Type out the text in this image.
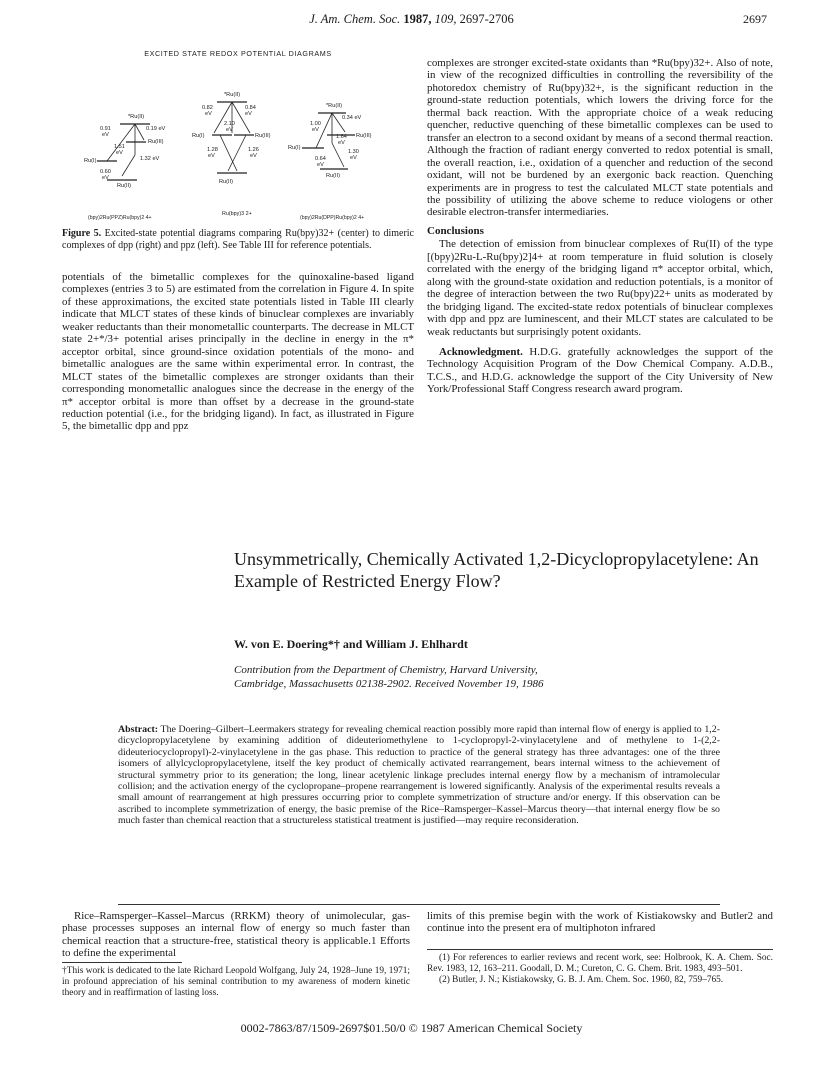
J. Am. Chem. Soc. 1987, 109, 2697-2706	2697
EXCITED STATE REDOX POTENTIAL DIAGRAMS
*Ru(II)
0.19 eV
0.91
eV
Ru(III)
1.51
eV
1.32 eV
Ru(I)
0.60
eV
Ru(II)
(bpy)2Ru(PPZ)Ru(bpy)2 4+
*Ru(II)
0.82
eV
0.84
eV
2.10
eV
Ru(I)	Ru(III)
1.28
eV
1.26
eV
Ru(II)
Ru(bpy)3 2+
*Ru(II)
0.34 eV
1.00
eV
Ru(III)
1.64
eV
Ru(I)
1.30
eV
0.64
eV
Ru(II)
(bpy)2Ru(DPP)Ru(bpy)2 4+
Figure 5. Excited-state potential diagrams comparing Ru(bpy)32+ (center) to dimeric complexes of dpp (right) and ppz (left). See Table III for reference potentials.

potentials of the bimetallic complexes for the quinoxaline-based ligand complexes (entries 3 to 5) are estimated from the correlation in Figure 4. In spite of these approximations, the excited state potentials listed in Table III clearly indicate that MLCT states of these kinds of binuclear complexes are invariably weaker reductants than their monometallic counterparts. The decrease in MLCT state 2+*/3+ potential arises principally in the decline in energy in the π* acceptor orbital, since ground-since oxidation potentials of the mono- and bimetallic analogues are the same within experimental error. In contrast, the MLCT states of the bimetallic complexes are stronger oxidants than their corresponding monometallic analogues since the decrease in the energy of the π* acceptor orbital is more than offset by a decrease in the ground-state reduction potential (i.e., for the bridging ligand). In fact, as illustrated in Figure 5, the bimetallic dpp and ppz

complexes are stronger excited-state oxidants than *Ru(bpy)32+. Also of note, in view of the recognized difficulties in controlling the reversibility of the photoredox chemistry of Ru(bpy)32+, is the significant reduction in the ground-state reduction potentials, which lowers the driving force for the thermal back reaction. With the appropriate choice of a weak reducing quencher, reductive quenching of these bimetallic complexes can be used to transfer an electron to a second oxidant by means of a second thermal reaction. Although the fraction of radiant energy converted to redox potential is small, the overall reaction, i.e., oxidation of a quencher and reduction of the second oxidant, will not be burdened by an exergonic back reaction. Quenching experiments are in progress to test the calculated MLCT state potentials and the possibility of utilizing the above scheme to reduce viologens or other desirable electron-transfer intermediaries.

Conclusions

The detection of emission from binuclear complexes of Ru(II) of the type [(bpy)2Ru-L-Ru(bpy)2]4+ at room temperature in fluid solution is closely correlated with the energy of the bridging ligand π* acceptor orbital, which, along with the ground-state oxidation and reduction potentials, is a monitor of the degree of interaction between the two Ru(bpy)22+ units as moderated by the bridging ligand. The excited-state redox potentials of binuclear complexes with dpp and ppz are luminescent, and their MLCT states are calculated to be weak reductants but surprisingly potent oxidants.

Acknowledgment. H.D.G. gratefully acknowledges the support of the Technology Acquisition Program of the Dow Chemical Company. A.D.B., T.C.S., and H.D.G. acknowledge the support of the City University of New York/Professional Staff Congress research award program.

Unsymmetrically, Chemically Activated 1,2-Dicyclopropylacetylene: An Example of Restricted Energy Flow?
W. von E. Doering*† and William J. Ehlhardt
Contribution from the Department of Chemistry, Harvard University,
Cambridge, Massachusetts 02138-2902. Received November 19, 1986
Abstract: The Doering–Gilbert–Leermakers strategy for revealing chemical reaction possibly more rapid than internal flow of energy is applied to 1,2-dicyclopropylacetylene by examining addition of dideuteriomethylene to 1-cyclopropyl-2-vinylacetylene and of methylene to 1-(2,2-dideuteriocyclopropyl)-2-vinylacetylene in the gas phase. This reduction to practice of the general strategy has three advantages: one of the three isomers of allylcyclopropylacetylene, itself the key product of chemically activated rearrangement, bears internal witness to the achievement of structural symmetry prior to its generation; the long, linear acetylenic linkage precludes internal energy flow by a mechanism of intramolecular collision; and the activation energy of the cyclopropane–propene rearrangement is lowered significantly. Analysis of the experimental results reveals a small amount of rearrangement at high pressures occurring prior to complete symmetrization of structure and/or energy. If this observation can be ascribed to incomplete symmetrization of energy, the basic premise of the Rice–Ramsperger–Kassel–Marcus theory—that internal energy flow be so much faster than chemical reaction that a structureless statistical treatment is justified—may require reconsideration.

Rice–Ramsperger–Kassel–Marcus (RRKM) theory of unimolecular, gas-phase processes supposes an internal flow of energy so much faster than chemical reaction that a structure-free, statistical theory is applicable.1 Efforts to define the experimental

limits of this premise begin with the work of Kistiakowsky and Butler2 and continue into the present era of multiphoton infrared

†This work is dedicated to the late Richard Leopold Wolfgang, July 24, 1928–June 19, 1971; in profound appreciation of his seminal contribution to my awareness of modern kinetic theory and in reaffirmation of lasting loss.

(1) For references to earlier reviews and recent work, see: Holbrook, K. A. Chem. Soc. Rev. 1983, 12, 163–211. Goodall, D. M.; Cureton, C. G. Chem. Brit. 1983, 493–501.

(2) Butler, J. N.; Kistiakowsky, G. B. J. Am. Chem. Soc. 1960, 82, 759–765.

0002-7863/87/1509-2697$01.50/0 © 1987 American Chemical Society
